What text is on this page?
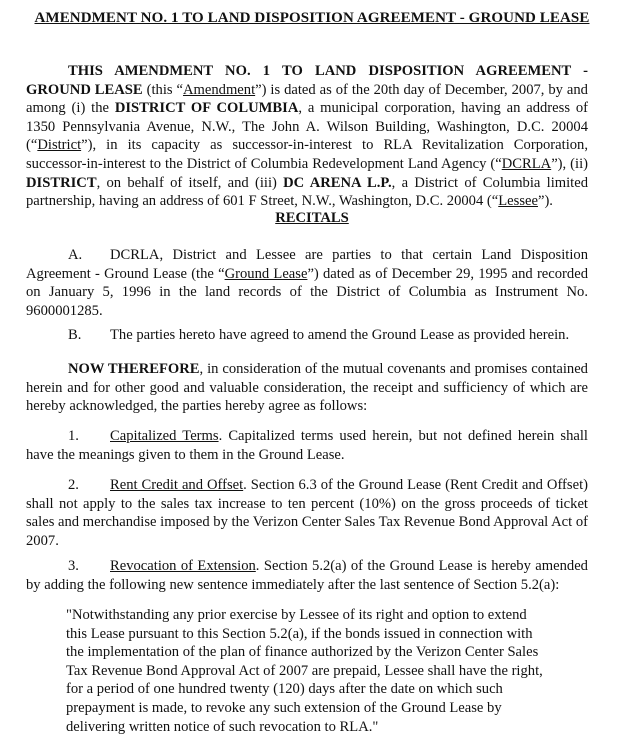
AMENDMENT NO. 1 TO LAND DISPOSITION AGREEMENT - GROUND LEASE

THIS AMENDMENT NO. 1 TO LAND DISPOSITION AGREEMENT - GROUND LEASE (this “Amendment”) is dated as of the 20th day of December, 2007, by and among (i) the DISTRICT OF COLUMBIA, a municipal corporation, having an address of 1350 Pennsylvania Avenue, N.W., The John A. Wilson Building, Washington, D.C. 20004 (“District”), in its capacity as successor-in-interest to RLA Revitalization Corporation, successor-in-interest to the District of Columbia Redevelopment Land Agency (“DCRLA”), (ii) DISTRICT, on behalf of itself, and (iii) DC ARENA L.P., a District of Columbia limited partnership, having an address of 601 F Street, N.W., Washington, D.C. 20004 (“Lessee”).

RECITALS

A. DCRLA, District and Lessee are parties to that certain Land Disposition Agreement - Ground Lease (the “Ground Lease”) dated as of December 29, 1995 and recorded on January 5, 1996 in the land records of the District of Columbia as Instrument No. 9600001285.

B. The parties hereto have agreed to amend the Ground Lease as provided herein.

NOW THEREFORE, in consideration of the mutual covenants and promises contained herein and for other good and valuable consideration, the receipt and sufficiency of which are hereby acknowledged, the parties hereby agree as follows:

1. Capitalized Terms. Capitalized terms used herein, but not defined herein shall have the meanings given to them in the Ground Lease.

2. Rent Credit and Offset. Section 6.3 of the Ground Lease (Rent Credit and Offset) shall not apply to the sales tax increase to ten percent (10%) on the gross proceeds of ticket sales and merchandise imposed by the Verizon Center Sales Tax Revenue Bond Approval Act of 2007.

3. Revocation of Extension. Section 5.2(a) of the Ground Lease is hereby amended by adding the following new sentence immediately after the last sentence of Section 5.2(a):

"Notwithstanding any prior exercise by Lessee of its right and option to extend
this Lease pursuant to this Section 5.2(a), if the bonds issued in connection with
the implementation of the plan of finance authorized by the Verizon Center Sales
Tax Revenue Bond Approval Act of 2007 are prepaid, Lessee shall have the right,
for a period of one hundred twenty (120) days after the date on which such
prepayment is made, to revoke any such extension of the Ground Lease by
delivering written notice of such revocation to RLA."
